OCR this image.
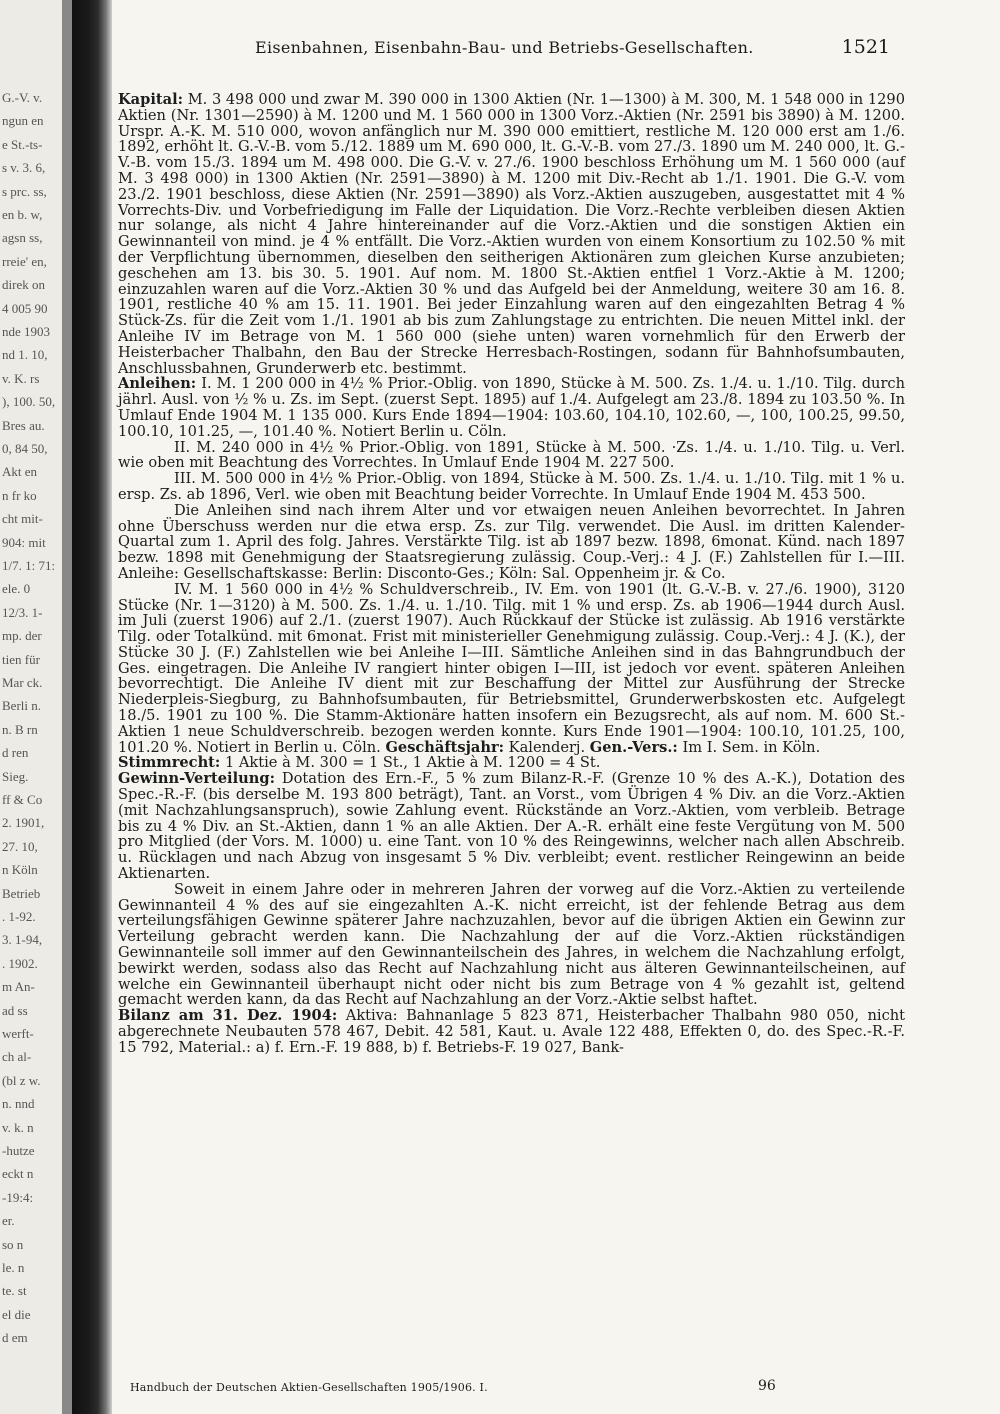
G.-V. v.
ngun en
e St.-ts-
s v. 3. 6,
s prc. ss,
en b. w,
agsn ss,
rreie' en,
direk on
4 005 90
nde 1903
nd 1. 10,
v. K. rs
), 100. 50,
Bres au.
0, 84 50,
Akt en
n fr ko
cht mit-
904: mit
1/7. 1: 71:
ele. 0
12/3. 1-
mp. der
tien für
Mar ck.
Berli n.
n. B rn
d ren
Sieg.
ff & Co
2. 1901,
27. 10,
n Köln
Betrieb
. 1-92.
3. 1-94,
. 1902.
m An-
ad ss
werft-
ch al-
(bl z w.
n. nnd
v. k. n
-hutze
eckt n
-19:4:
er.
so n
le. n
te. st
el die
d em
Eisenbahnen, Eisenbahn-Bau- und Betriebs-Gesellschaften.	1521

Kapital: M. 3 498 000 und zwar M. 390 000 in 1300 Aktien (Nr. 1—1300) à M. 300, M. 1 548 000 in 1290 Aktien (Nr. 1301—2590) à M. 1200 und M. 1 560 000 in 1300 Vorz.-Aktien (Nr. 2591 bis 3890) à M. 1200. Urspr. A.-K. M. 510 000, wovon anfänglich nur M. 390 000 emittiert, restliche M. 120 000 erst am 1./6. 1892, erhöht lt. G.-V.-B. vom 5./12. 1889 um M. 690 000, lt. G.-V.-B. vom 27./3. 1890 um M. 240 000, lt. G.-V.-B. vom 15./3. 1894 um M. 498 000. Die G.-V. v. 27./6. 1900 beschloss Erhöhung um M. 1 560 000 (auf M. 3 498 000) in 1300 Aktien (Nr. 2591—3890) à M. 1200 mit Div.-Recht ab 1./1. 1901. Die G.-V. vom 23./2. 1901 beschloss, diese Aktien (Nr. 2591—3890) als Vorz.-Aktien auszugeben, ausgestattet mit 4 % Vorrechts-Div. und Vorbefriedigung im Falle der Liquidation. Die Vorz.-Rechte verbleiben diesen Aktien nur solange, als nicht 4 Jahre hintereinander auf die Vorz.-Aktien und die sonstigen Aktien ein Gewinnanteil von mind. je 4 % entfällt. Die Vorz.-Aktien wurden von einem Konsortium zu 102.50 % mit der Verpflichtung übernommen, dieselben den seitherigen Aktionären zum gleichen Kurse anzubieten; geschehen am 13. bis 30. 5. 1901. Auf nom. M. 1800 St.-Aktien entfiel 1 Vorz.-Aktie à M. 1200; einzuzahlen waren auf die Vorz.-Aktien 30 % und das Aufgeld bei der Anmeldung, weitere 30 am 16. 8. 1901, restliche 40 % am 15. 11. 1901. Bei jeder Einzahlung waren auf den eingezahlten Betrag 4 % Stück-Zs. für die Zeit vom 1./1. 1901 ab bis zum Zahlungstage zu entrichten. Die neuen Mittel inkl. der Anleihe IV im Betrage von M. 1 560 000 (siehe unten) waren vornehmlich für den Erwerb der Heisterbacher Thalbahn, den Bau der Strecke Herresbach-Rostingen, sodann für Bahnhofsumbauten, Anschlussbahnen, Grunderwerb etc. bestimmt.

Anleihen: I. M. 1 200 000 in 4½ % Prior.-Oblig. von 1890, Stücke à M. 500. Zs. 1./4. u. 1./10. Tilg. durch jährl. Ausl. von ½ % u. Zs. im Sept. (zuerst Sept. 1895) auf 1./4. Aufgelegt am 23./8. 1894 zu 103.50 %. In Umlauf Ende 1904 M. 1 135 000. Kurs Ende 1894—1904: 103.60, 104.10, 102.60, —, 100, 100.25, 99.50, 100.10, 101.25, —, 101.40 %. Notiert Berlin u. Cöln.

II. M. 240 000 in 4½ % Prior.-Oblig. von 1891, Stücke à M. 500. ·Zs. 1./4. u. 1./10. Tilg. u. Verl. wie oben mit Beachtung des Vorrechtes. In Umlauf Ende 1904 M. 227 500.

III. M. 500 000 in 4½ % Prior.-Oblig. von 1894, Stücke à M. 500. Zs. 1./4. u. 1./10. Tilg. mit 1 % u. ersp. Zs. ab 1896, Verl. wie oben mit Beachtung beider Vorrechte. In Umlauf Ende 1904 M. 453 500.

Die Anleihen sind nach ihrem Alter und vor etwaigen neuen Anleihen bevorrechtet. In Jahren ohne Überschuss werden nur die etwa ersp. Zs. zur Tilg. verwendet. Die Ausl. im dritten Kalender-Quartal zum 1. April des folg. Jahres. Verstärkte Tilg. ist ab 1897 bezw. 1898, 6monat. Künd. nach 1897 bezw. 1898 mit Genehmigung der Staatsregierung zulässig. Coup.-Verj.: 4 J. (F.) Zahlstellen für I.—III. Anleihe: Gesellschaftskasse: Berlin: Disconto-Ges.; Köln: Sal. Oppenheim jr. & Co.

IV. M. 1 560 000 in 4½ % Schuldverschreib., IV. Em. von 1901 (lt. G.-V.-B. v. 27./6. 1900), 3120 Stücke (Nr. 1—3120) à M. 500. Zs. 1./4. u. 1./10. Tilg. mit 1 % und ersp. Zs. ab 1906—1944 durch Ausl. im Juli (zuerst 1906) auf 2./1. (zuerst 1907). Auch Rückkauf der Stücke ist zulässig. Ab 1916 verstärkte Tilg. oder Totalkünd. mit 6monat. Frist mit ministerieller Genehmigung zulässig. Coup.-Verj.: 4 J. (K.), der Stücke 30 J. (F.) Zahlstellen wie bei Anleihe I—III. Sämtliche Anleihen sind in das Bahngrundbuch der Ges. eingetragen. Die Anleihe IV rangiert hinter obigen I—III, ist jedoch vor event. späteren Anleihen bevorrechtigt. Die Anleihe IV dient mit zur Beschaffung der Mittel zur Ausführung der Strecke Niederpleis-Siegburg, zu Bahnhofsumbauten, für Betriebsmittel, Grunderwerbskosten etc. Aufgelegt 18./5. 1901 zu 100 %. Die Stamm-Aktionäre hatten insofern ein Bezugsrecht, als auf nom. M. 600 St.-Aktien 1 neue Schuldverschreib. bezogen werden konnte. Kurs Ende 1901—1904: 100.10, 101.25, 100, 101.20 %. Notiert in Berlin u. Cöln. Geschäftsjahr: Kalenderj. Gen.-Vers.: Im I. Sem. in Köln.

Stimmrecht: 1 Aktie à M. 300 = 1 St., 1 Aktie à M. 1200 = 4 St.

Gewinn-Verteilung: Dotation des Ern.-F., 5 % zum Bilanz-R.-F. (Grenze 10 % des A.-K.), Dotation des Spec.-R.-F. (bis derselbe M. 193 800 beträgt), Tant. an Vorst., vom Übrigen 4 % Div. an die Vorz.-Aktien (mit Nachzahlungsanspruch), sowie Zahlung event. Rückstände an Vorz.-Aktien, vom verbleib. Betrage bis zu 4 % Div. an St.-Aktien, dann 1 % an alle Aktien. Der A.-R. erhält eine feste Vergütung von M. 500 pro Mitglied (der Vors. M. 1000) u. eine Tant. von 10 % des Reingewinns, welcher nach allen Abschreib. u. Rücklagen und nach Abzug von insgesamt 5 % Div. verbleibt; event. restlicher Reingewinn an beide Aktienarten.

Soweit in einem Jahre oder in mehreren Jahren der vorweg auf die Vorz.-Aktien zu verteilende Gewinnanteil 4 % des auf sie eingezahlten A.-K. nicht erreicht, ist der fehlende Betrag aus dem verteilungsfähigen Gewinne späterer Jahre nachzuzahlen, bevor auf die übrigen Aktien ein Gewinn zur Verteilung gebracht werden kann. Die Nachzahlung der auf die Vorz.-Aktien rückständigen Gewinnanteile soll immer auf den Gewinnanteilschein des Jahres, in welchem die Nachzahlung erfolgt, bewirkt werden, sodass also das Recht auf Nachzahlung nicht aus älteren Gewinnanteilscheinen, auf welche ein Gewinnanteil überhaupt nicht oder nicht bis zum Betrage von 4 % gezahlt ist, geltend gemacht werden kann, da das Recht auf Nachzahlung an der Vorz.-Aktie selbst haftet.

Bilanz am 31. Dez. 1904: Aktiva: Bahnanlage 5 823 871, Heisterbacher Thalbahn 980 050, nicht abgerechnete Neubauten 578 467, Debit. 42 581, Kaut. u. Avale 122 488, Effekten 0, do. des Spec.-R.-F. 15 792, Material.: a) f. Ern.-F. 19 888, b) f. Betriebs-F. 19 027, Bank-

Handbuch der Deutschen Aktien-Gesellschaften 1905/1906. I.	96
